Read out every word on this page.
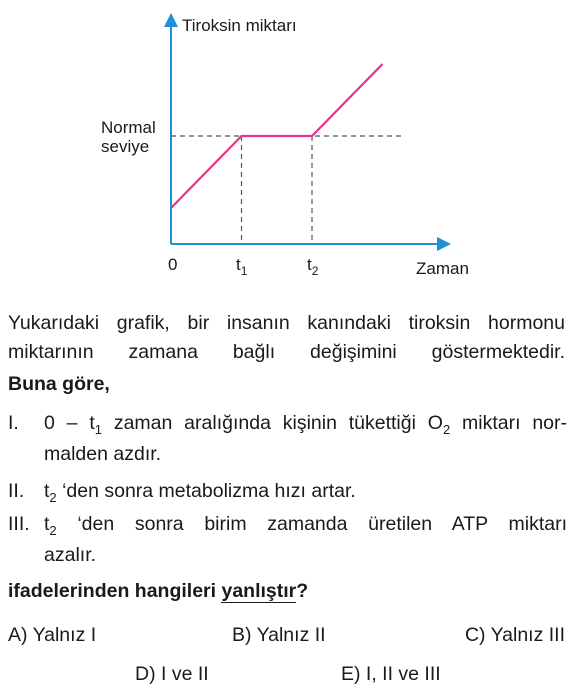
Tiroksin miktarı
Zaman
Normal
seviye
0	$t_1$	$t_2$
Yukarıdaki grafik, bir insanın kanındaki tiroksin hormonu miktarının zamana bağlı değişimini göstermektedir.
Buna göre,
I. $0 - t_1$ zaman aralığında kişinin tükettiği $O_2$ miktarı nor-
malden azdır.
II. $t_2$ ‘den sonra metabolizma hızı artar.
III. $t_2$ ‘den sonra birim zamanda üretilen ATP miktarı
azalır.
ifadelerinden hangileri yanlıştır?
A) Yalnız I	B) Yalnız II	C) Yalnız III
D) I ve II	E) I, II ve III
